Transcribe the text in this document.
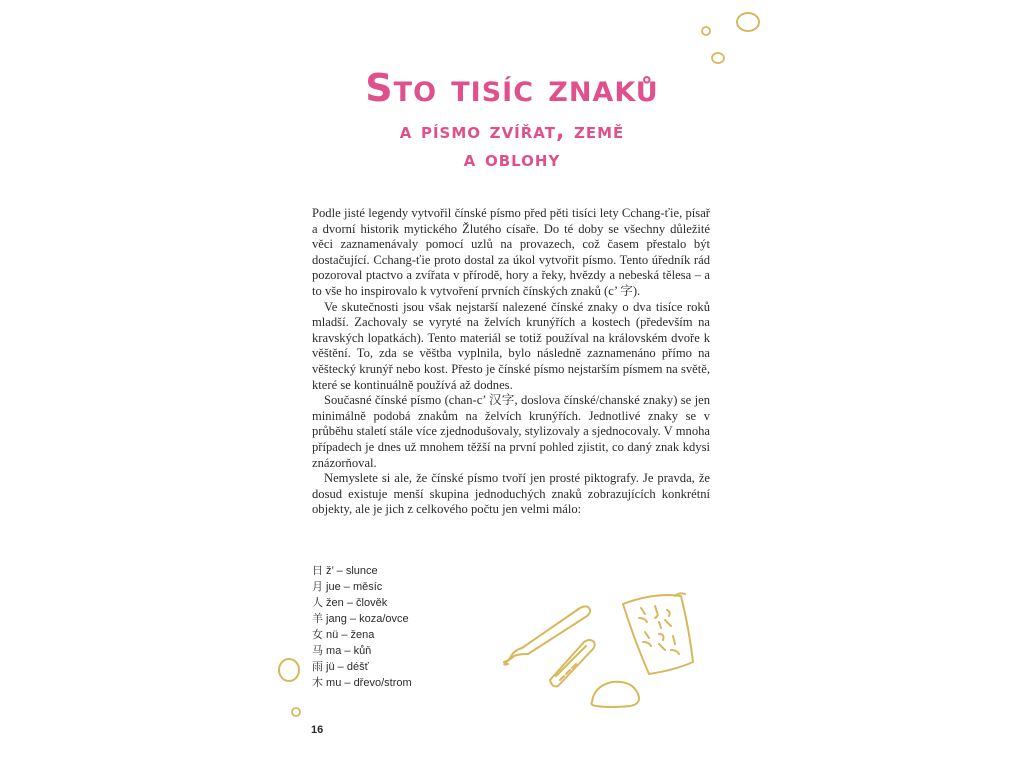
Sto tisíc znaků
a písmo zvířat, země
a oblohy

Podle jisté legendy vytvořil čínské písmo před pěti tisíci lety Cchang-ťie, písař a dvorní historik mytického Žlutého císaře. Do té doby se všechny důležité věci zaznamenávaly pomocí uzlů na provazech, což časem přestalo být dostačující. Cchang-ťie proto dostal za úkol vytvořit písmo. Tento úředník rád pozoroval ptactvo a zvířata v přírodě, hory a řeky, hvězdy a nebeská tělesa – a to vše ho inspirovalo k vytvoření prvních čínských znaků (c’ 字).

Ve skutečnosti jsou však nejstarší nalezené čínské znaky o dva tisíce roků mladší. Zachovaly se vyryté na želvích krunýřích a kostech (především na kravských lopatkách). Tento materiál se totiž používal na královském dvoře k věštění. To, zda se věštba vyplnila, bylo následně zaznamenáno přímo na věštecký krunýř nebo kost. Přesto je čínské písmo nejstarším písmem na světě, které se kontinuálně používá až dodnes.

Současné čínské písmo (chan-c’ 汉字, doslova čínské/chanské znaky) se jen minimálně podobá znakům na želvích krunýřích. Jednotlivé znaky se v průběhu staletí stále více zjednodušovaly, stylizovaly a sjednocovaly. V mnoha případech je dnes už mnohem těžší na první pohled zjistit, co daný znak kdysi znázorňoval.

Nemyslete si ale, že čínské písmo tvoří jen prosté piktografy. Je pravda, že dosud existuje menší skupina jednoduchých znaků zobrazujících konkrétní objekty, ale je jich z celkového počtu jen velmi málo:

日 ž’ – slunce
月 jue – měsíc
人 žen – člověk
羊 jang – koza/ovce
女 nü – žena
马 ma – kůň
雨 jü – déšť
木 mu – dřevo/strom
16
